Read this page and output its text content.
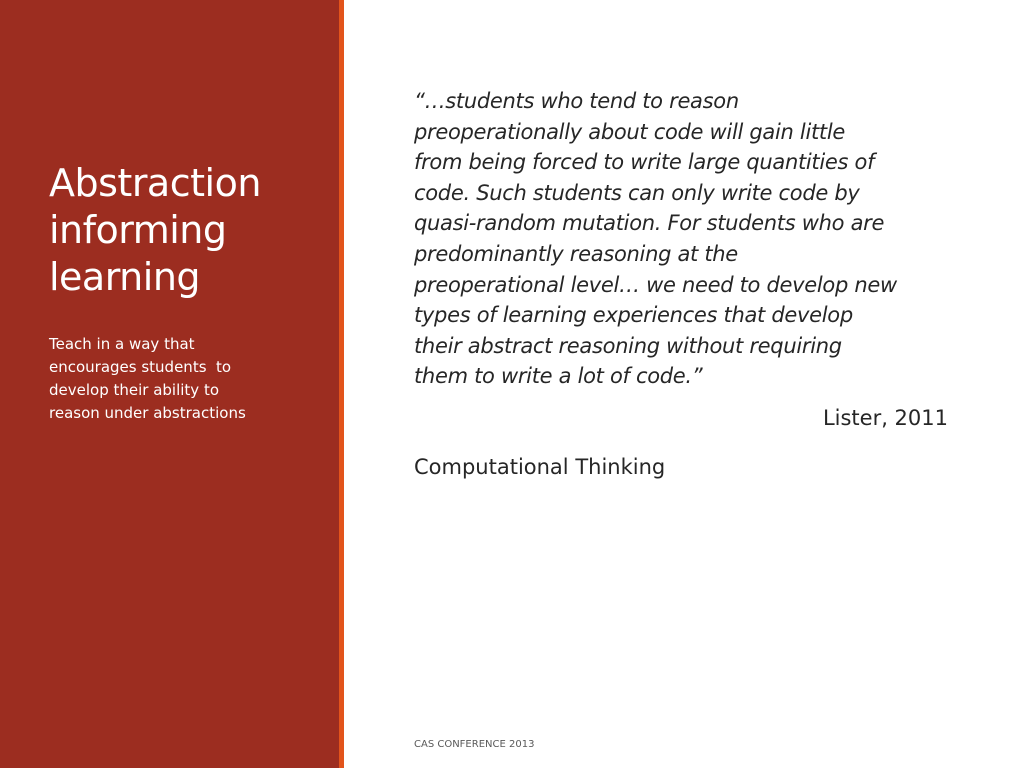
Abstraction
informing
learning

Teach in a way that
encourages students  to
develop their ability to
reason under abstractions

“…students who tend to reason
preoperationally about code will gain little
from being forced to write large quantities of
code. Such students can only write code by
quasi-random mutation. For students who are
predominantly reasoning at the
preoperational level… we need to develop new
types of learning experiences that develop
their abstract reasoning without requiring
them to write a lot of code.”

Lister, 2011

Computational Thinking

CAS CONFERENCE 2013
